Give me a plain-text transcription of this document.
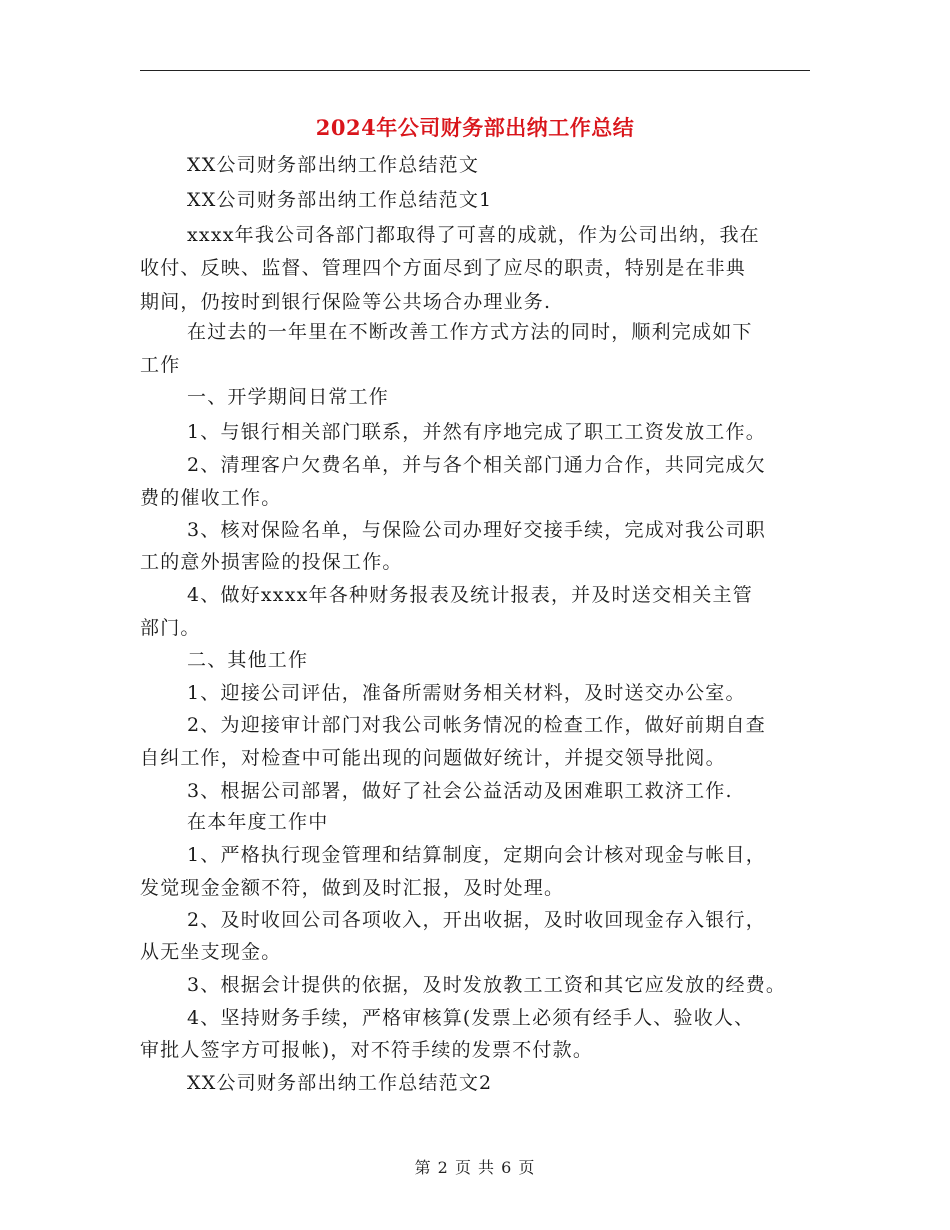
2024年公司财务部出纳工作总结
XX公司财务部出纳工作总结范文
XX公司财务部出纳工作总结范文1
xxxx年我公司各部门都取得了可喜的成就，作为公司出纳，我在
收付、反映、监督、管理四个方面尽到了应尽的职责，特别是在非典
期间，仍按时到银行保险等公共场合办理业务.
在过去的一年里在不断改善工作方式方法的同时，顺利完成如下
工作
一、开学期间日常工作
1、与银行相关部门联系，并然有序地完成了职工工资发放工作。
2、清理客户欠费名单，并与各个相关部门通力合作，共同完成欠
费的催收工作。
3、核对保险名单，与保险公司办理好交接手续，完成对我公司职
工的意外损害险的投保工作。
4、做好xxxx年各种财务报表及统计报表，并及时送交相关主管
部门。
二、其他工作
1、迎接公司评估，准备所需财务相关材料，及时送交办公室。
2、为迎接审计部门对我公司帐务情况的检查工作，做好前期自查
自纠工作，对检查中可能出现的问题做好统计，并提交领导批阅。
3、根据公司部署，做好了社会公益活动及困难职工救济工作.
在本年度工作中
1、严格执行现金管理和结算制度，定期向会计核对现金与帐目，
发觉现金金额不符，做到及时汇报，及时处理。
2、及时收回公司各项收入，开出收据，及时收回现金存入银行，
从无坐支现金。
3、根据会计提供的依据，及时发放教工工资和其它应发放的经费。
4、坚持财务手续，严格审核算(发票上必须有经手人、验收人、
审批人签字方可报帐)，对不符手续的发票不付款。
XX公司财务部出纳工作总结范文2
第 2 页 共 6 页
